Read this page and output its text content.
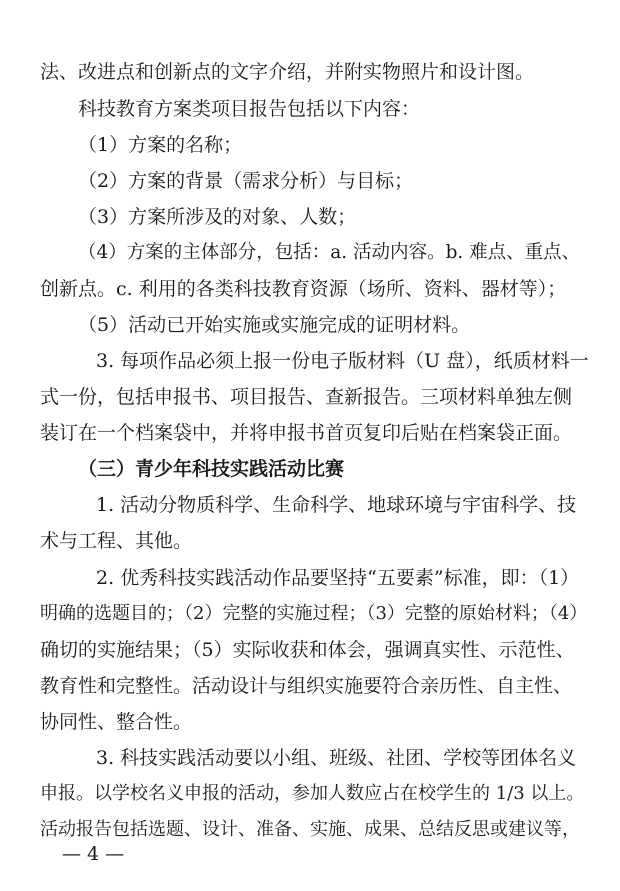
法、改进点和创新点的文字介绍，并附实物照片和设计图。
科技教育方案类项目报告包括以下内容：
（1）方案的名称；
（2）方案的背景（需求分析）与目标；
（3）方案所涉及的对象、人数；
（4）方案的主体部分，包括：a. 活动内容。b. 难点、重点、
创新点。c. 利用的各类科技教育资源（场所、资料、器材等）；
（5）活动已开始实施或实施完成的证明材料。
3. 每项作品必须上报一份电子版材料（U 盘），纸质材料一
式一份，包括申报书、项目报告、查新报告。三项材料单独左侧
装订在一个档案袋中，并将申报书首页复印后贴在档案袋正面。
（三）青少年科技实践活动比赛
1. 活动分物质科学、生命科学、地球环境与宇宙科学、技
术与工程、其他。
2. 优秀科技实践活动作品要坚持“五要素”标准，即：（1）
明确的选题目的；（2）完整的实施过程；（3）完整的原始材料；（4）
确切的实施结果；（5）实际收获和体会，强调真实性、示范性、
教育性和完整性。活动设计与组织实施要符合亲历性、自主性、
协同性、整合性。
3. 科技实践活动要以小组、班级、社团、学校等团体名义
申报。以学校名义申报的活动，参加人数应占在校学生的 1/3 以上。
活动报告包括选题、设计、准备、实施、成果、总结反思或建议等，
— 4 —
